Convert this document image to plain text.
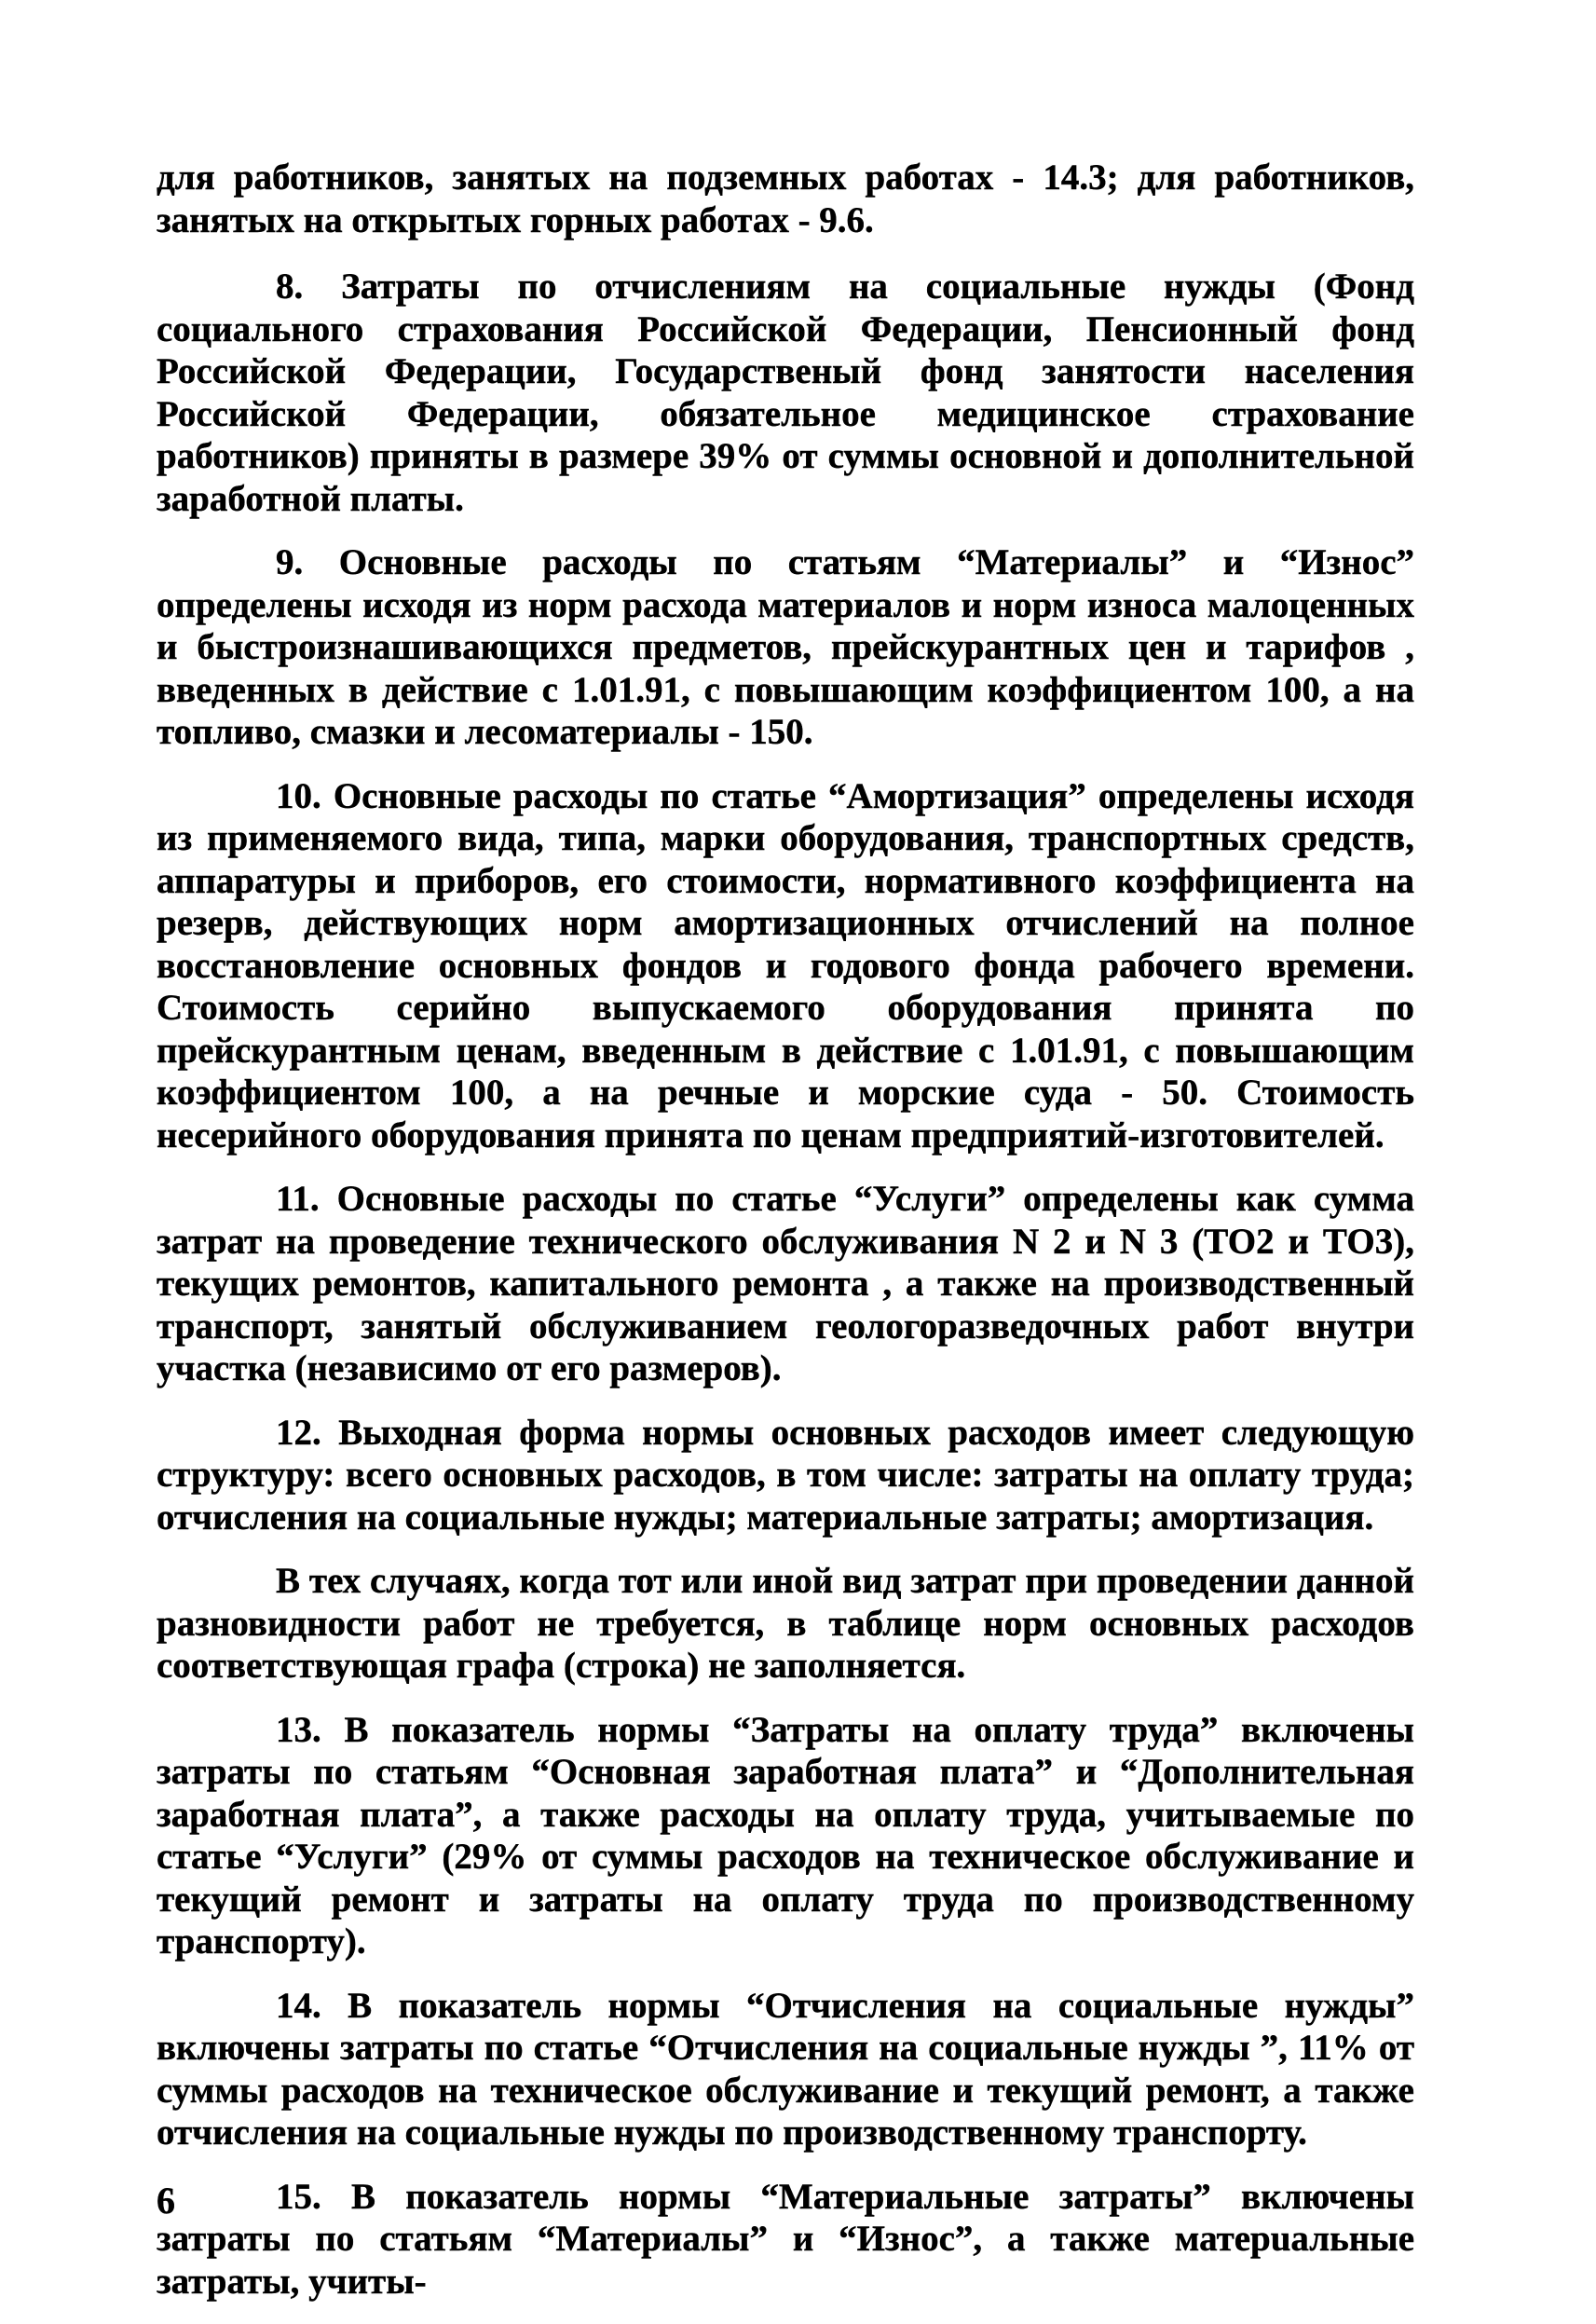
для работников, занятых на подземных работах - 14.3; для работников, занятых на открытых горных работах - 9.6.

8. Затраты по отчислениям на социальные нужды (Фонд социального страхования Российской Федерации, Пенсионный фонд Российской Федерации, Государственый фонд занятости населения Российской Федерации, обязательное медицинское страхование работников) приняты в размере 39% от суммы основной и дополнительной заработной платы.

9. Основные расходы по статьям “Материалы” и “Износ” определены исходя из норм расхода материалов и норм износа малоценных и быстроизнашивающихся предметов, прейскурантных цен и тарифов , введенных в действие с 1.01.91, с повышающим коэффициентом 100, а на топливо, смазки и лесоматериалы - 150.

10. Основные расходы по статье “Амортизация” определены исходя из применяемого вида, типа, марки оборудования, транспортных средств, аппаратуры и приборов, его стоимости, нормативного коэффициента на резерв, действующих норм амортизационных отчислений на полное восстановление основных фондов и годового фонда рабочего времени. Стоимость серийно выпускаемого оборудования принята по прейскурантным ценам, введенным в действие с 1.01.91, с повышающим коэффициентом 100, а на речные и морские суда - 50. Стоимость несерийного оборудования принята по ценам предприятий-изготовителей.

11. Основные расходы по статье “Услуги” определены как сумма затрат на проведение технического обслуживания N 2 и N 3 (ТО2 и ТО3), текущих ремонтов, капитального ремонта , а также на производственный транспорт, занятый обслуживанием геологоразведочных работ внутри участка (независимо от его размеров).

12. Выходная форма нормы основных расходов имеет следующую структуру: всего основных расходов, в том числе: затраты на оплату труда; отчисления на социальные нужды; материальные затраты; амортизация.

В тех случаях, когда тот или иной вид затрат при проведении данной разновидности работ не требуется, в таблице норм основных расходов соответствующая графа (строка) не заполняется.

13. В показатель нормы “Затраты на оплату труда” включены затраты по статьям “Основная заработная плата” и “Дополнительная заработная плата”, а также расходы на оплату труда, учитываемые по статье “Услуги” (29% от суммы расходов на техническое обслуживание и текущий ремонт и затраты на оплату труда по производственному транспорту).

14. В показатель нормы “Отчисления на социальные нужды” включены затраты по статье “Отчисления на социальные нужды ”, 11% от суммы расходов на техническое обслуживание и текущий ремонт, а также отчисления на социальные нужды по производственному транспорту.

15. В показатель нормы “Материальные затраты” включены затраты по статьям “Материалы” и “Износ”, а также матерuальные затраты, учиты-

6
